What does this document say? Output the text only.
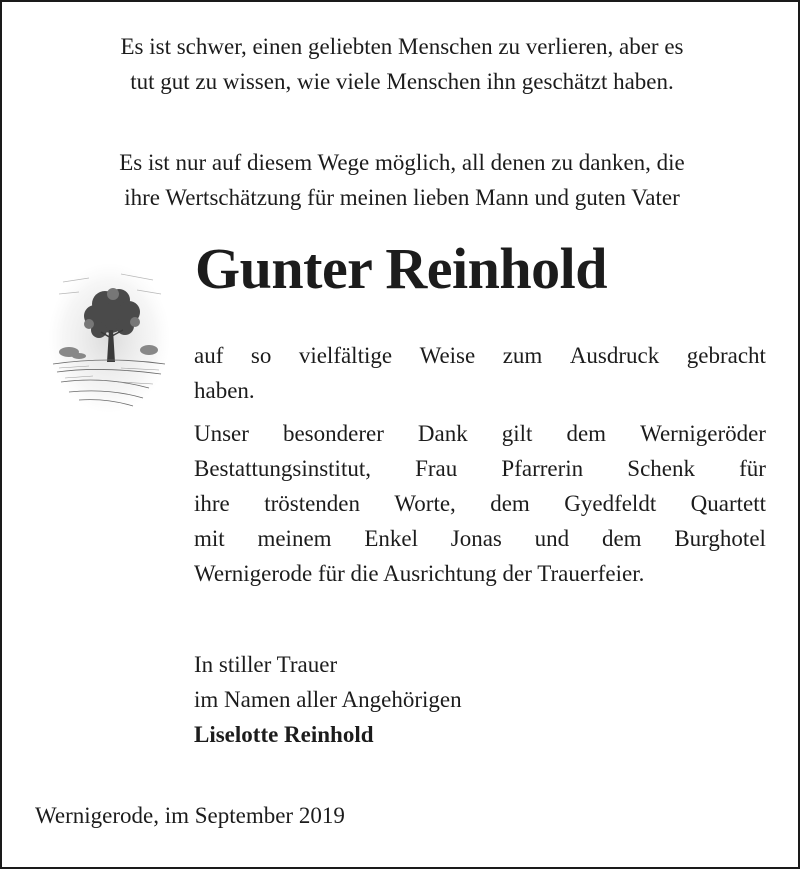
Es ist schwer, einen geliebten Menschen zu verlieren, aber es
tut gut zu wissen, wie viele Menschen ihn geschätzt haben.

Es ist nur auf diesem Wege möglich, all denen zu danken, die
ihre Wertschätzung für meinen lieben Mann und guten Vater

Gunter Reinhold

auf so vielfältige Weise zum Ausdruck gebracht
haben.

Unser besonderer Dank gilt dem Wernigeröder
Bestattungsinstitut, Frau Pfarrerin Schenk für
ihre tröstenden Worte, dem Gyedfeldt Quartett
mit meinem Enkel Jonas und dem Burghotel
Wernigerode für die Ausrichtung der Trauerfeier.

In stiller Trauer
im Namen aller Angehörigen
Liselotte Reinhold

Wernigerode, im September 2019
